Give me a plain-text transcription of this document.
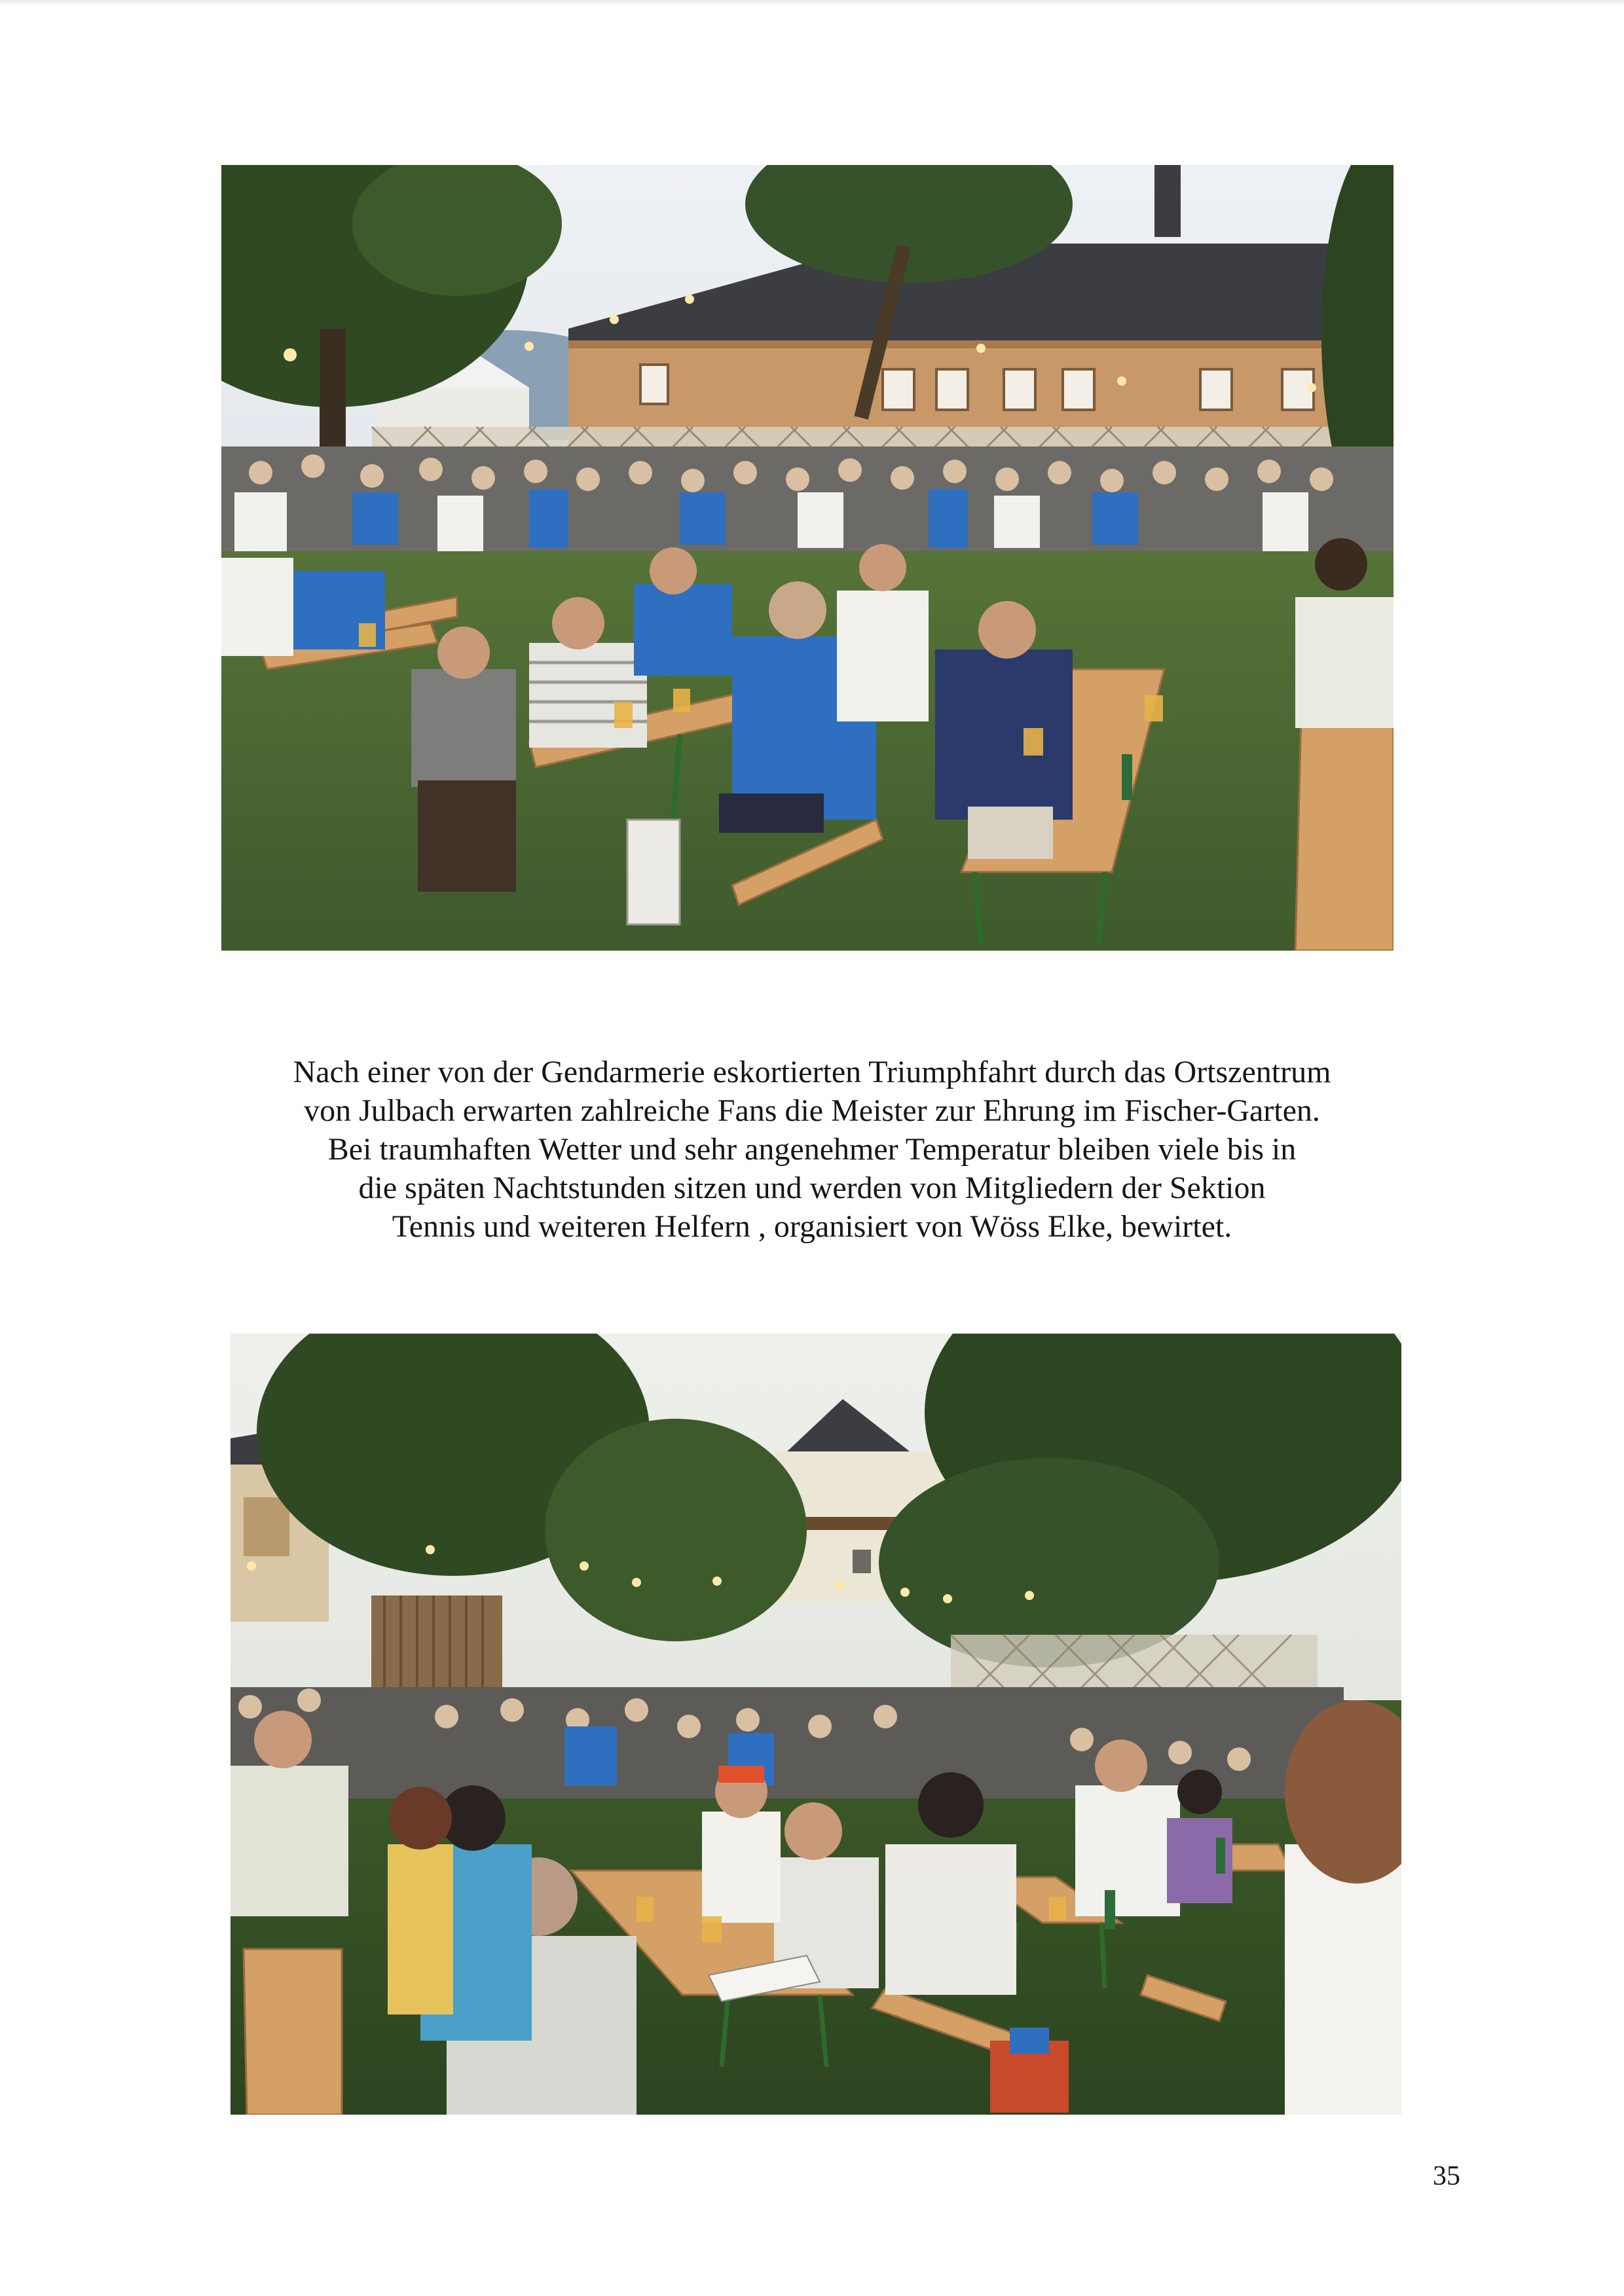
Nach einer von der Gendarmerie eskortierten Triumphfahrt durch das Ortszentrum
von Julbach erwarten zahlreiche Fans die Meister zur Ehrung im Fischer-Garten.
Bei traumhaften Wetter und sehr angenehmer Temperatur bleiben viele bis in
die späten Nachtstunden sitzen und werden von Mitgliedern der Sektion
Tennis und weiteren Helfern , organisiert von Wöss Elke, bewirtet.
35
